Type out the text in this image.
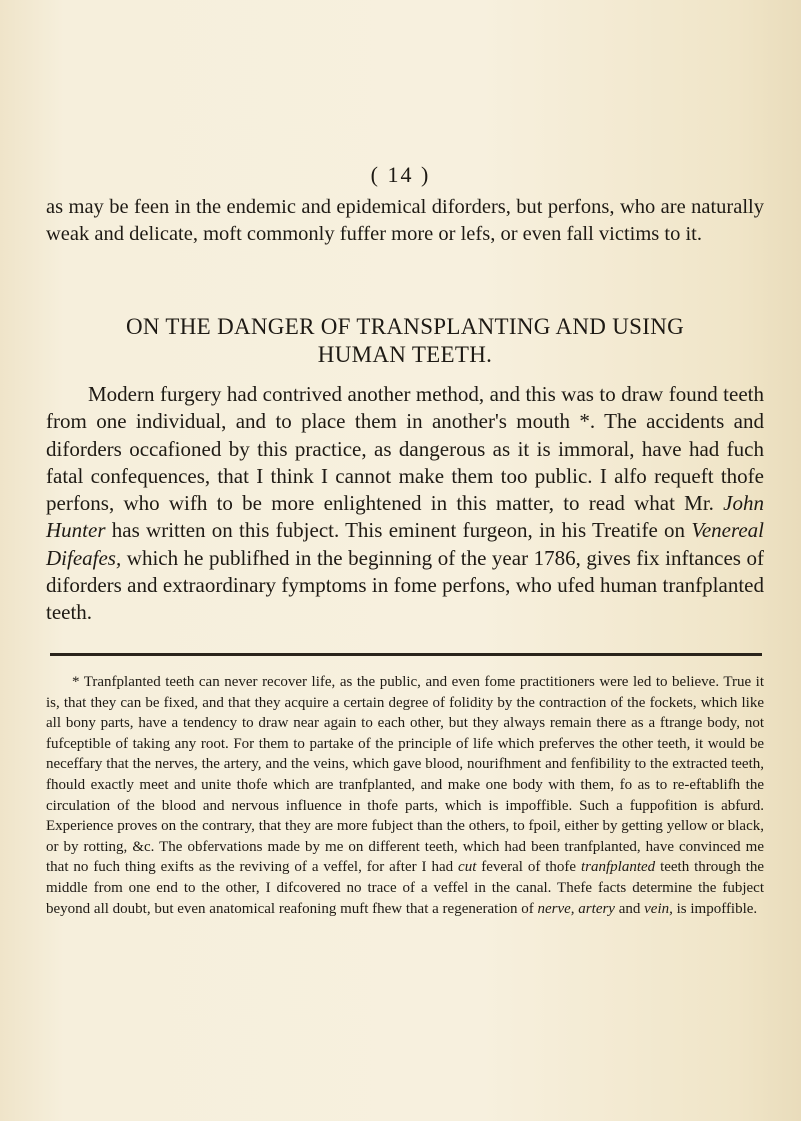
( 14 )
as may be feen in the endemic and epidemical diforders, but perfons, who are naturally weak and delicate, moft commonly fuffer more or lefs, or even fall victims to it.
ON THE DANGER OF TRANSPLANTING AND USING
HUMAN TEETH.
Modern furgery had contrived another method, and this was to draw found teeth from one individual, and to place them in another's mouth *. The accidents and diforders occafioned by this practice, as dangerous as it is immoral, have had fuch fatal confequences, that I think I cannot make them too public. I alfo requeft thofe perfons, who wifh to be more enlightened in this matter, to read what Mr. John Hunter has written on this fubject. This eminent furgeon, in his Treatife on Venereal Difeafes, which he publifhed in the beginning of the year 1786, gives fix inftances of diforders and extraordinary fymptoms in fome perfons, who ufed human tranfplanted teeth.
* Tranfplanted teeth can never recover life, as the public, and even fome practitioners were led to believe. True it is, that they can be fixed, and that they acquire a certain degree of folidity by the contraction of the fockets, which like all bony parts, have a tendency to draw near again to each other, but they always remain there as a ftrange body, not fufceptible of taking any root. For them to partake of the principle of life which preferves the other teeth, it would be neceffary that the nerves, the artery, and the veins, which gave blood, nourifhment and fenfibility to the extracted teeth, fhould exactly meet and unite thofe which are tranfplanted, and make one body with them, fo as to re-eftablifh the circulation of the blood and nervous influence in thofe parts, which is impoffible. Such a fuppofition is abfurd. Experience proves on the contrary, that they are more fubject than the others, to fpoil, either by getting yellow or black, or by rotting, &c. The obfervations made by me on different teeth, which had been tranfplanted, have convinced me that no fuch thing exifts as the reviving of a veffel, for after I had cut feveral of thofe tranfplanted teeth through the middle from one end to the other, I difcovered no trace of a veffel in the canal. Thefe facts determine the fubject beyond all doubt, but even anatomical reafoning muft fhew that a regeneration of nerve, artery and vein, is impoffible.
